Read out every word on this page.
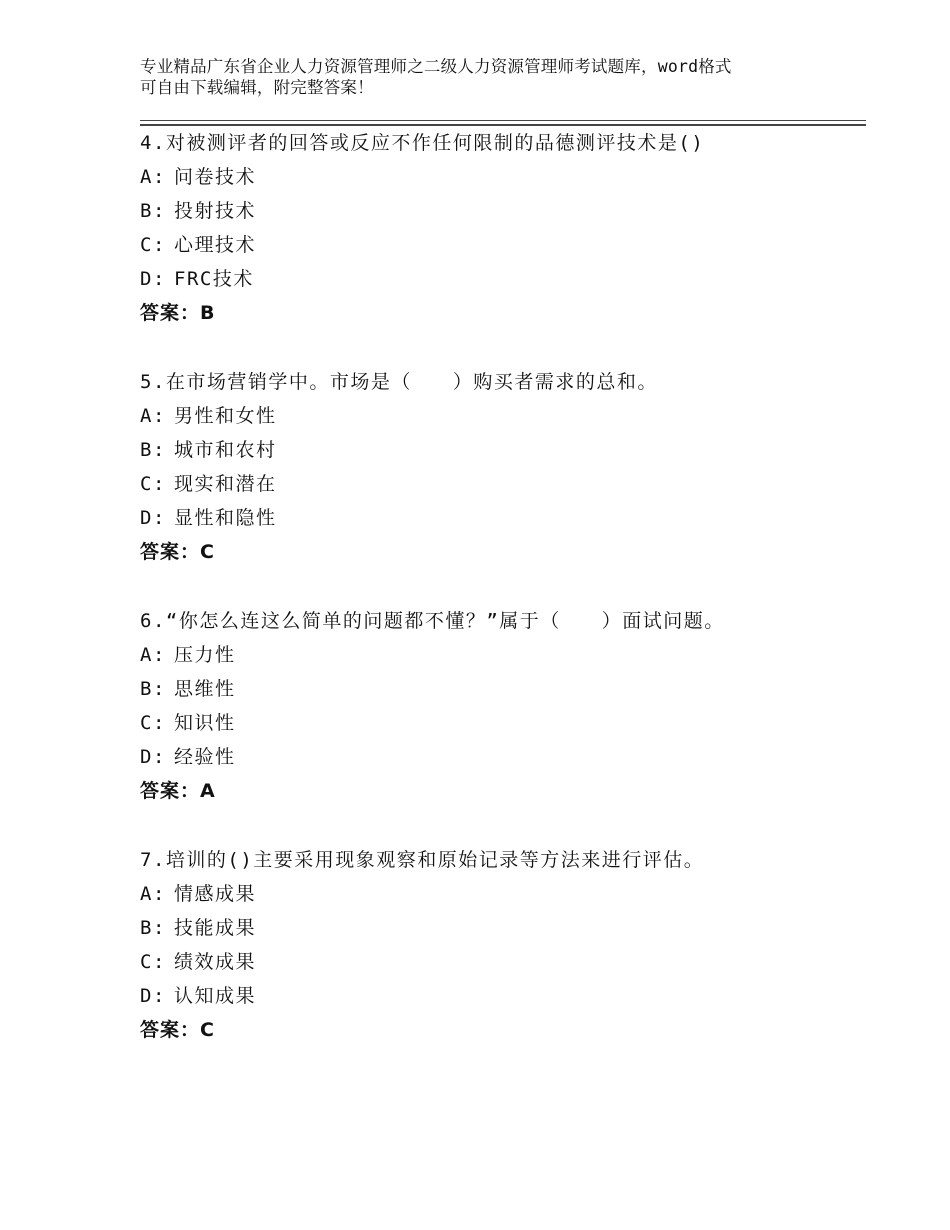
专业精品广东省企业人力资源管理师之二级人力资源管理师考试题库，word格式
可自由下载编辑，附完整答案！
4.对被测评者的回答或反应不作任何限制的品德测评技术是()
A: 问卷技术
B: 投射技术
C: 心理技术
D: FRC技术
答案：B
5.在市场营销学中。市场是（　　）购买者需求的总和。
A: 男性和女性
B: 城市和农村
C: 现实和潜在
D: 显性和隐性
答案：C
6.“你怎么连这么简单的问题都不懂？”属于（　　）面试问题。
A: 压力性
B: 思维性
C: 知识性
D: 经验性
答案：A
7.培训的()主要采用现象观察和原始记录等方法来进行评估。
A: 情感成果
B: 技能成果
C: 绩效成果
D: 认知成果
答案：C
